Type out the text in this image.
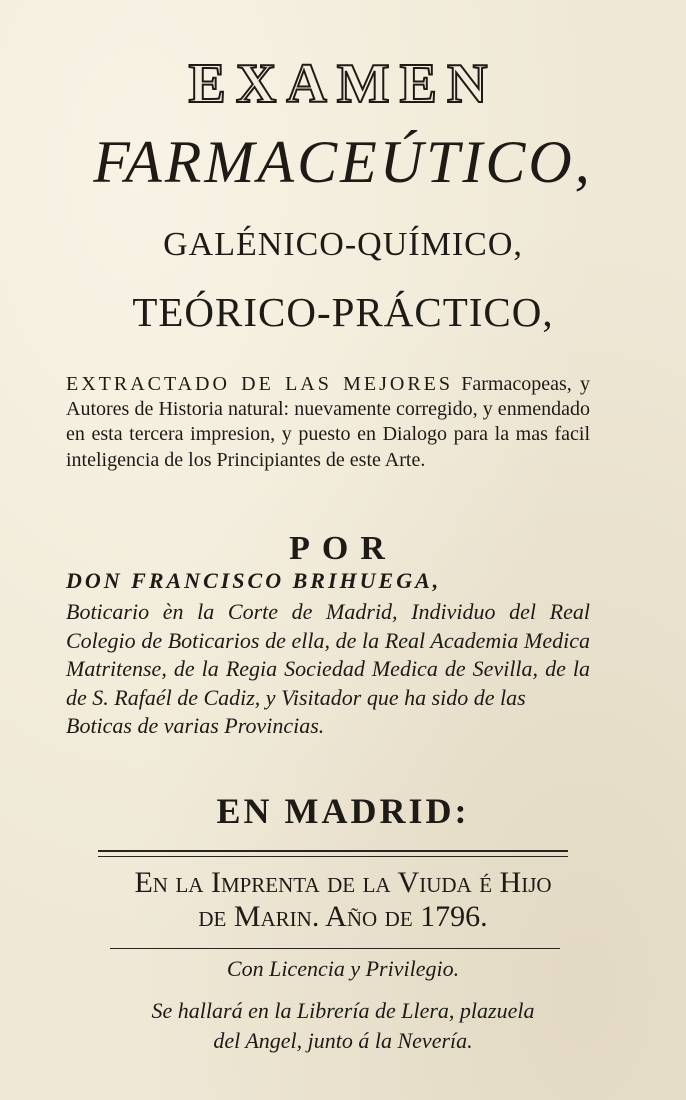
EXAMEN
FARMACEÚTICO,
GALÉNICO-QUÍMICO,
TEÓRICO-PRÁCTICO,
EXTRACTADO DE LAS MEJORES Farmacopeas, y Autores de Historia natural: nuevamente corregido, y enmendado en esta tercera impresion, y puesto en Dialogo para la mas facil inteligencia de los Principiantes de este Arte.
POR
DON FRANCISCO BRIHUEGA,
Boticario èn la Corte de Madrid, Individuo del Real Colegio de Boticarios de ella, de la Real Academia Medica Matritense, de la Regia Sociedad Medica de Sevilla, de la de S. Rafaél de Cadiz, y Visitador que ha sido de las
Boticas de varias Provincias.
EN MADRID:
En la Imprenta de la Viuda é Hijo
de Marin. Año de 1796.
Con Licencia y Privilegio.
Se hallará en la Librería de Llera, plazuela
del Angel, junto á la Nevería.
